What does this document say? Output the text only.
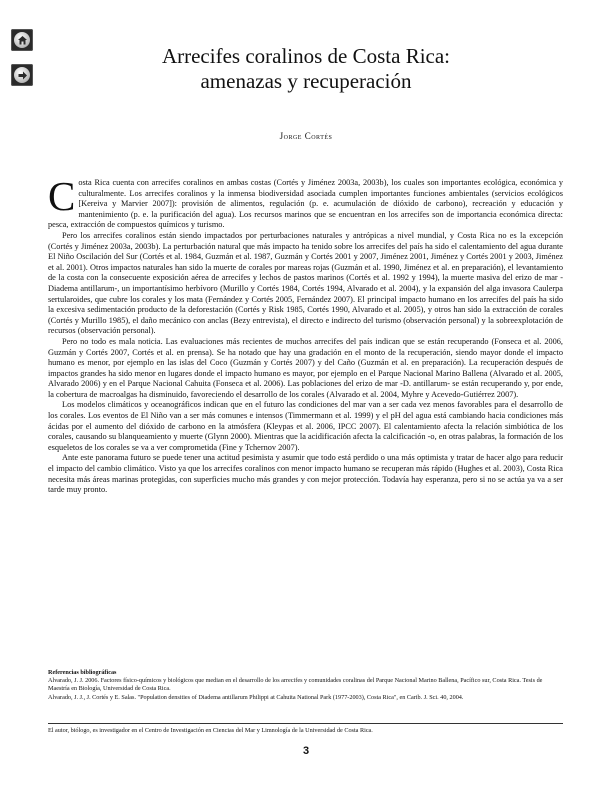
Arrecifes coralinos de Costa Rica:
amenazas y recuperación
Jorge Cortés

Costa Rica cuenta con arrecifes coralinos en ambas costas (Cortés y Jiménez 2003a, 2003b), los cuales son importantes ecológica, económica y culturalmente. Los arrecifes coralinos y la inmensa biodiversidad asociada cumplen importantes funciones ambientales (servicios ecológicos [Kereiva y Marvier 2007]): provisión de alimentos, regulación (p. e. acumulación de dióxido de carbono), recreación y educación y mantenimiento (p. e. la purificación del agua). Los recursos marinos que se encuentran en los arrecifes son de importancia económica directa: pesca, extracción de compuestos químicos y turismo.

Pero los arrecifes coralinos están siendo impactados por perturbaciones naturales y antrópicas a nivel mundial, y Costa Rica no es la excepción (Cortés y Jiménez 2003a, 2003b). La perturbación natural que más impacto ha tenido sobre los arrecifes del país ha sido el calentamiento del agua durante El Niño Oscilación del Sur (Cortés et al. 1984, Guzmán et al. 1987, Guzmán y Cortés 2001 y 2007, Jiménez 2001, Jiménez y Cortés 2001 y 2003, Jiménez et al. 2001). Otros impactos naturales han sido la muerte de corales por mareas rojas (Guzmán et al. 1990, Jiménez et al. en preparación), el levantamiento de la costa con la consecuente exposición aérea de arrecifes y lechos de pastos marinos (Cortés et al. 1992 y 1994), la muerte masiva del erizo de mar -Diadema antillarum-, un importantísimo herbívoro (Murillo y Cortés 1984, Cortés 1994, Alvarado et al. 2004), y la expansión del alga invasora Caulerpa sertularoides, que cubre los corales y los mata (Fernández y Cortés 2005, Fernández 2007). El principal impacto humano en los arrecifes del país ha sido la excesiva sedimentación producto de la deforestación (Cortés y Risk 1985, Cortés 1990, Alvarado et al. 2005), y otros han sido la extracción de corales (Cortés y Murillo 1985), el daño mecánico con anclas (Bezy entrevista), el directo e indirecto del turismo (observación personal) y la sobreexplotación de recursos (observación personal).

Pero no todo es mala noticia. Las evaluaciones más recientes de muchos arrecifes del país indican que se están recuperando (Fonseca et al. 2006, Guzmán y Cortés 2007, Cortés et al. en prensa). Se ha notado que hay una gradación en el monto de la recuperación, siendo mayor donde el impacto humano es menor, por ejemplo en las islas del Coco (Guzmán y Cortés 2007) y del Caño (Guzmán et al. en preparación). La recuperación después de impactos grandes ha sido menor en lugares donde el impacto humano es mayor, por ejemplo en el Parque Nacional Marino Ballena (Alvarado et al. 2005, Alvarado 2006) y en el Parque Nacional Cahuita (Fonseca et al. 2006). Las poblaciones del erizo de mar -D. antillarum- se están recuperando y, por ende, la cobertura de macroalgas ha disminuido, favoreciendo el desarrollo de los corales (Alvarado et al. 2004, Myhre y Acevedo-Gutiérrez 2007).

Los modelos climáticos y oceanográficos indican que en el futuro las condiciones del mar van a ser cada vez menos favorables para el desarrollo de los corales. Los eventos de El Niño van a ser más comunes e intensos (Timmermann et al. 1999) y el pH del agua está cambiando hacia condiciones más ácidas por el aumento del dióxido de carbono en la atmósfera (Kleypas et al. 2006, IPCC 2007). El calentamiento afecta la relación simbiótica de los corales, causando su blanqueamiento y muerte (Glynn 2000). Mientras que la acidificación afecta la calcificación -o, en otras palabras, la formación de los esqueletos de los corales se va a ver comprometida (Fine y Tchernov 2007).

Ante este panorama futuro se puede tener una actitud pesimista y asumir que todo está perdido o una más optimista y tratar de hacer algo para reducir el impacto del cambio climático. Visto ya que los arrecifes coralinos con menor impacto humano se recuperan más rápido (Hughes et al. 2003), Costa Rica necesita más áreas marinas protegidas, con superficies mucho más grandes y con mejor protección. Todavía hay esperanza, pero si no se actúa ya va a ser tarde muy pronto.

Referencias bibliográficas
Alvarado, J. J. 2006. Factores físico-químicos y biológicos que median en el desarrollo de los arrecifes y comunidades coralinas del Parque Nacional Marino Ballena, Pacífico sur, Costa Rica. Tesis de Maestría en Biología, Universidad de Costa Rica.
Alvarado, J. J., J. Cortés y E. Salas. "Population densities of Diadema antillarum Philippi at Cahuita National Park (1977-2003), Costa Rica", en Carib. J. Sci. 40, 2004.
El autor, biólogo, es investigador en el Centro de Investigación en Ciencias del Mar y Limnología de la Universidad de Costa Rica.
3
